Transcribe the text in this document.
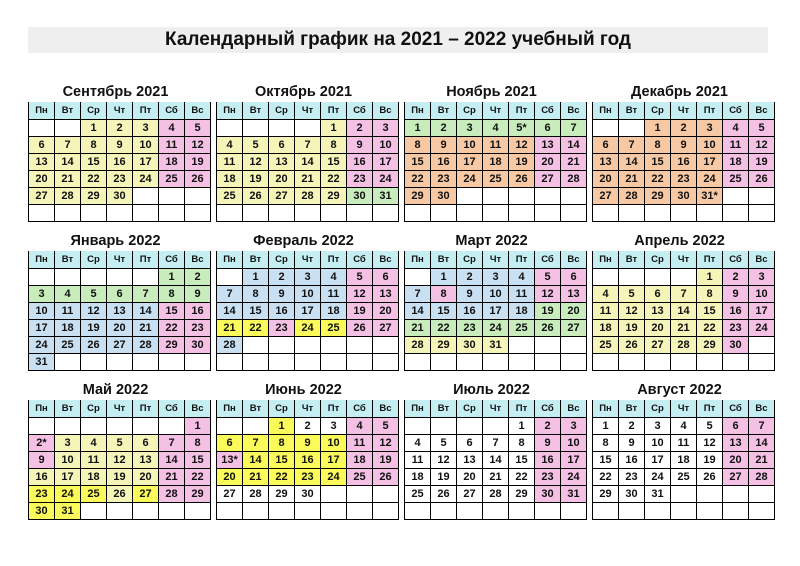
Календарный график на 2021 – 2022 учебный год
Сентябрь 2021
Пн	Вт	Ср	Чт	Пт	Сб	Вс
		1	2	3	4	5
6	7	8	9	10	11	12
13	14	15	16	17	18	19
20	21	22	23	24	25	26
27	28	29	30			

Октябрь 2021
Пн	Вт	Ср	Чт	Пт	Сб	Вс
				1	2	3
4	5	6	7	8	9	10
11	12	13	14	15	16	17
18	19	20	21	22	23	24
25	26	27	28	29	30	31

Ноябрь 2021
Пн	Вт	Ср	Чт	Пт	Сб	Вс
1	2	3	4	5*	6	7
8	9	10	11	12	13	14
15	16	17	18	19	20	21
22	23	24	25	26	27	28
29	30					

Декабрь 2021
Пн	Вт	Ср	Чт	Пт	Сб	Вс
		1	2	3	4	5
6	7	8	9	10	11	12
13	14	15	16	17	18	19
20	21	22	23	24	25	26
27	28	29	30	31*		

Январь 2022
Пн	Вт	Ср	Чт	Пт	Сб	Вс
					1	2
3	4	5	6	7	8	9
10	11	12	13	14	15	16
17	18	19	20	21	22	23
24	25	26	27	28	29	30
31						
Февраль 2022
Пн	Вт	Ср	Чт	Пт	Сб	Вс
	1	2	3	4	5	6
7	8	9	10	11	12	13
14	15	16	17	18	19	20
21	22	23	24	25	26	27
28						

Март 2022
Пн	Вт	Ср	Чт	Пт	Сб	Вс
	1	2	3	4	5	6
7	8	9	10	11	12	13
14	15	16	17	18	19	20
21	22	23	24	25	26	27
28	29	30	31			

Апрель 2022
Пн	Вт	Ср	Чт	Пт	Сб	Вс
				1	2	3
4	5	6	7	8	9	10
11	12	13	14	15	16	17
18	19	20	21	22	23	24
25	26	27	28	29	30	

Май 2022
Пн	Вт	Ср	Чт	Пт	Сб	Вс
						1
2*	3	4	5	6	7	8
9	10	11	12	13	14	15
16	17	18	19	20	21	22
23	24	25	26	27	28	29
30	31					
Июнь 2022
Пн	Вт	Ср	Чт	Пт	Сб	Вс
		1	2	3	4	5
6	7	8	9	10	11	12
13*	14	15	16	17	18	19
20	21	22	23	24	25	26
27	28	29	30			

Июль 2022
Пн	Вт	Ср	Чт	Пт	Сб	Вс
				1	2	3
4	5	6	7	8	9	10
11	12	13	14	15	16	17
18	19	20	21	22	23	24
25	26	27	28	29	30	31

Август 2022
Пн	Вт	Ср	Чт	Пт	Сб	Вс
1	2	3	4	5	6	7
8	9	10	11	12	13	14
15	16	17	18	19	20	21
22	23	24	25	26	27	28
29	30	31				
